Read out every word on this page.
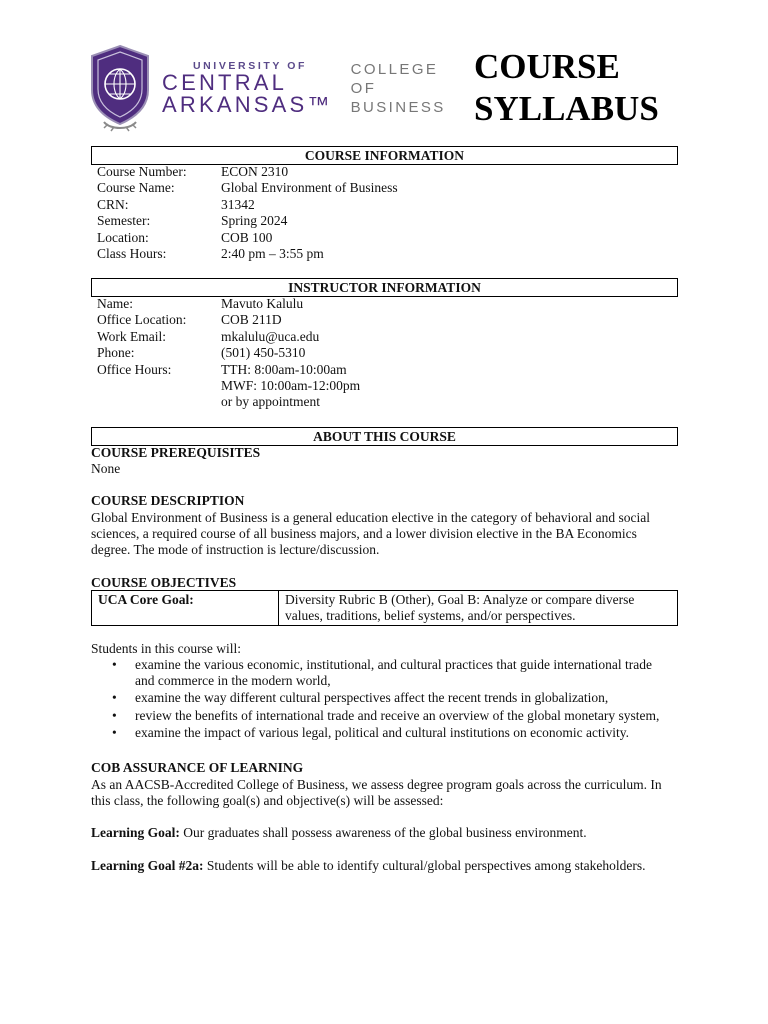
UNIVERSITY OF
CENTRAL
ARKANSAS™
COLLEGE
OF BUSINESS
COURSE
SYLLABUS
COURSE INFORMATION
Course Number:	ECON 2310
Course Name:	Global Environment of Business
CRN:	31342
Semester:	Spring 2024
Location:	COB 100
Class Hours:	2:40 pm – 3:55 pm
INSTRUCTOR INFORMATION
Name:	Mavuto Kalulu
Office Location:	COB 211D
Work Email:	mkalulu@uca.edu
Phone:	(501) 450-5310
Office Hours:	TTH: 8:00am-10:00am
MWF: 10:00am-12:00pm
or by appointment
ABOUT THIS COURSE
COURSE PREREQUISITES
None
COURSE DESCRIPTION
Global Environment of Business is a general education elective in the category of behavioral and social
sciences, a required course of all business majors, and a lower division elective in the BA Economics
degree. The mode of instruction is lecture/discussion.
COURSE OBJECTIVES
UCA Core Goal:	Diversity Rubric B (Other), Goal B: Analyze or compare diverse
values, traditions, belief systems, and/or perspectives.
Students in this course will:
• examine the various economic, institutional, and cultural practices that guide international trade
and commerce in the modern world,
• examine the way different cultural perspectives affect the recent trends in globalization,
• review the benefits of international trade and receive an overview of the global monetary system,
• examine the impact of various legal, political and cultural institutions on economic activity.
COB ASSURANCE OF LEARNING
As an AACSB-Accredited College of Business, we assess degree program goals across the curriculum. In
this class, the following goal(s) and objective(s) will be assessed:
Learning Goal: Our graduates shall possess awareness of the global business environment.
Learning Goal #2a: Students will be able to identify cultural/global perspectives among stakeholders.
